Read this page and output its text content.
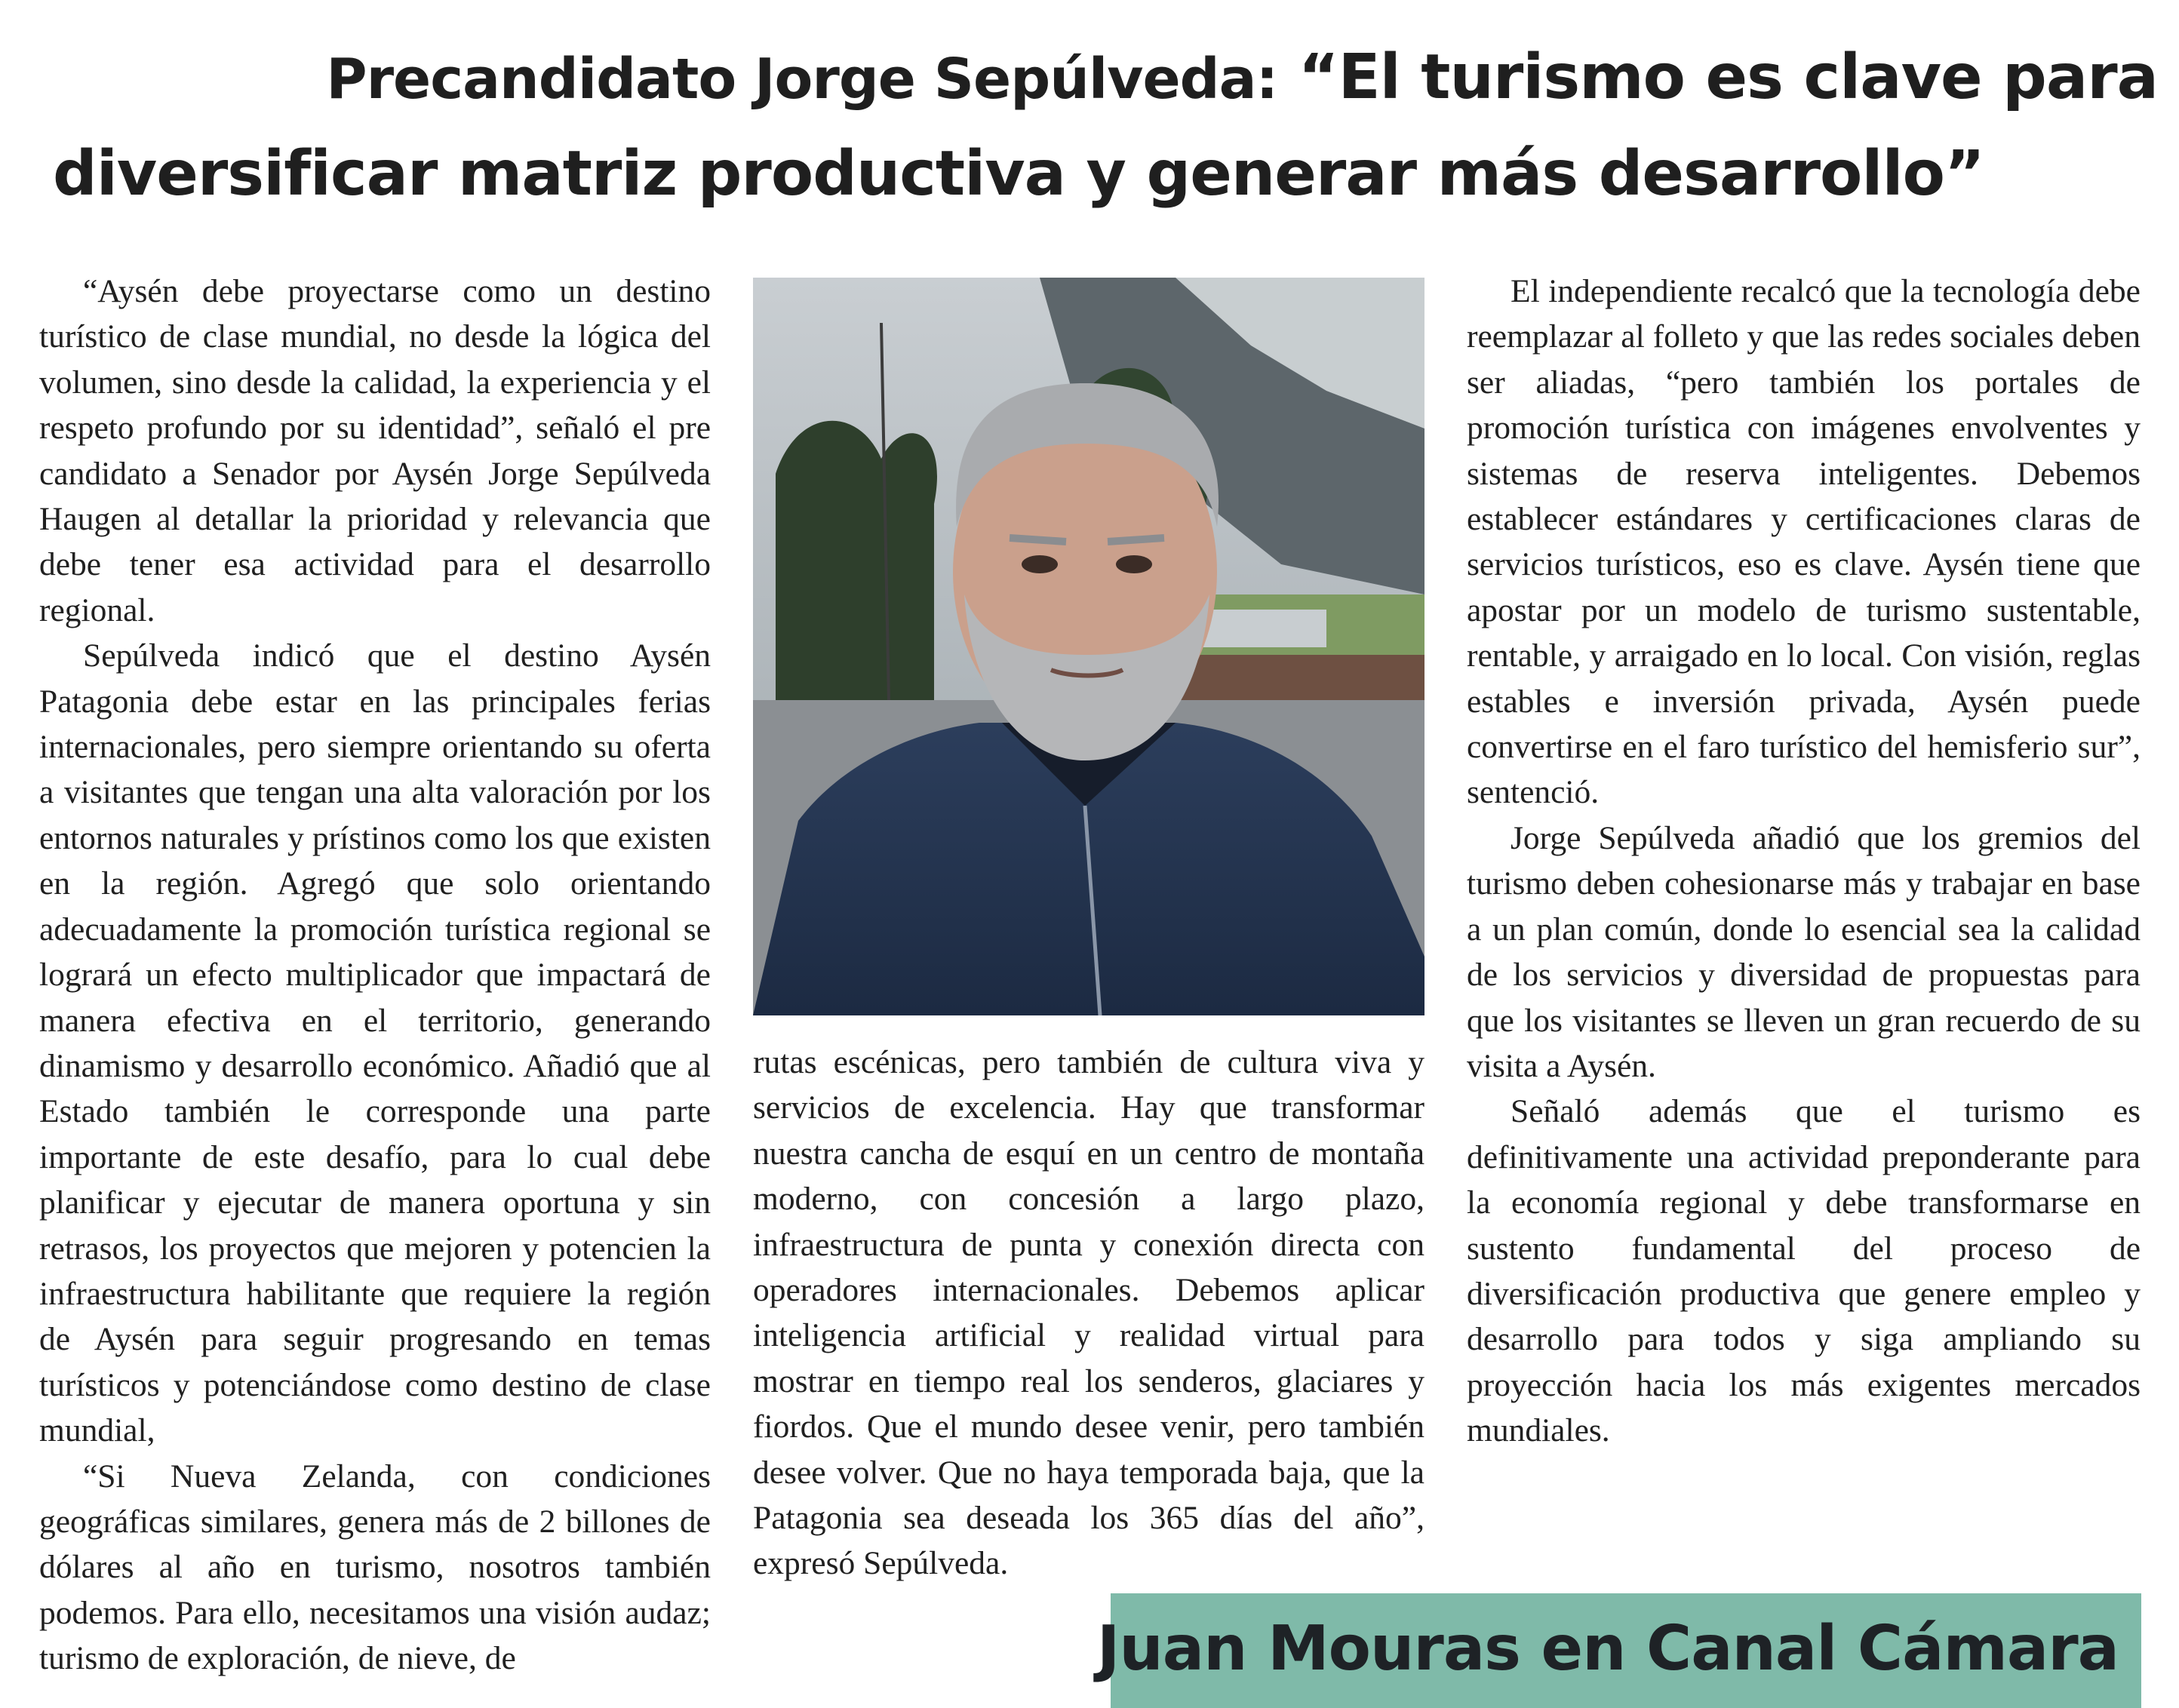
Precandidato Jorge Sepúlveda: “El turismo es clave para
diversificar matriz productiva y generar más desarrollo”

“Aysén debe proyectarse como un destino turístico de clase mundial, no desde la lógica del volumen, sino desde la calidad, la experiencia y el respeto profundo por su identidad”, señaló el pre candidato a Senador por Aysén Jorge Sepúlveda Haugen al detallar la prioridad y relevancia que debe tener esa actividad para el desarrollo regional.

Sepúlveda indicó que el destino Aysén Patagonia debe estar en las principales ferias internacionales, pero siempre orientando su oferta a visitantes que tengan una alta valoración por los entornos naturales y prístinos como los que existen en la región. Agregó que solo orientando adecuadamente la promoción turística regional se logrará un efecto multiplicador que impactará de manera efectiva en el territorio, generando dinamismo y desarrollo económico. Añadió que al Estado también le corresponde una parte importante de este desafío, para lo cual debe planificar y ejecutar de manera oportuna y sin retrasos, los proyectos que mejoren y potencien la infraestructura habilitante que requiere la región de Aysén para seguir progresando en temas turísticos y potenciándose como destino de clase mundial,

“Si Nueva Zelanda, con condiciones geográficas similares, genera más de 2 billones de dólares al año en turismo, nosotros también podemos. Para ello, necesitamos una visión audaz; turismo de exploración, de nieve, de

rutas escénicas, pero también de cultura viva y servicios de excelencia. Hay que transformar nuestra cancha de esquí en un centro de montaña moderno, con concesión a largo plazo, infraestructura de punta y conexión directa con operadores internacionales. Debemos aplicar inteligencia artificial y realidad virtual para mostrar en tiempo real los senderos, glaciares y fiordos. Que el mundo desee venir, pero también desee volver. Que no haya temporada baja, que la Patagonia sea deseada los 365 días del año”, expresó Sepúlveda.

El independiente recalcó que la tecnología debe reemplazar al folleto y que las redes sociales deben ser aliadas, “pero también los portales de promoción turística con imágenes envolventes y sistemas de reserva inteligentes. Debemos establecer estándares y certificaciones claras de servicios turísticos, eso es clave. Aysén tiene que apostar por un modelo de turismo sustentable, rentable, y arraigado en lo local. Con visión, reglas estables e inversión privada, Aysén puede convertirse en el faro turístico del hemisferio sur”, sentenció.

Jorge Sepúlveda añadió que los gremios del turismo deben cohesionarse más y trabajar en base a un plan común, donde lo esencial sea la calidad de los servicios y diversidad de propuestas para que los visitantes se lleven un gran recuerdo de su visita a Aysén.

Señaló además que el turismo es definitivamente una actividad preponderante para la economía regional y debe transformarse en sustento fundamental del proceso de diversificación productiva que genere empleo y desarrollo para todos y siga ampliando su proyección hacia los más exigentes mercados mundiales.

Juan Mouras en Canal Cámara
